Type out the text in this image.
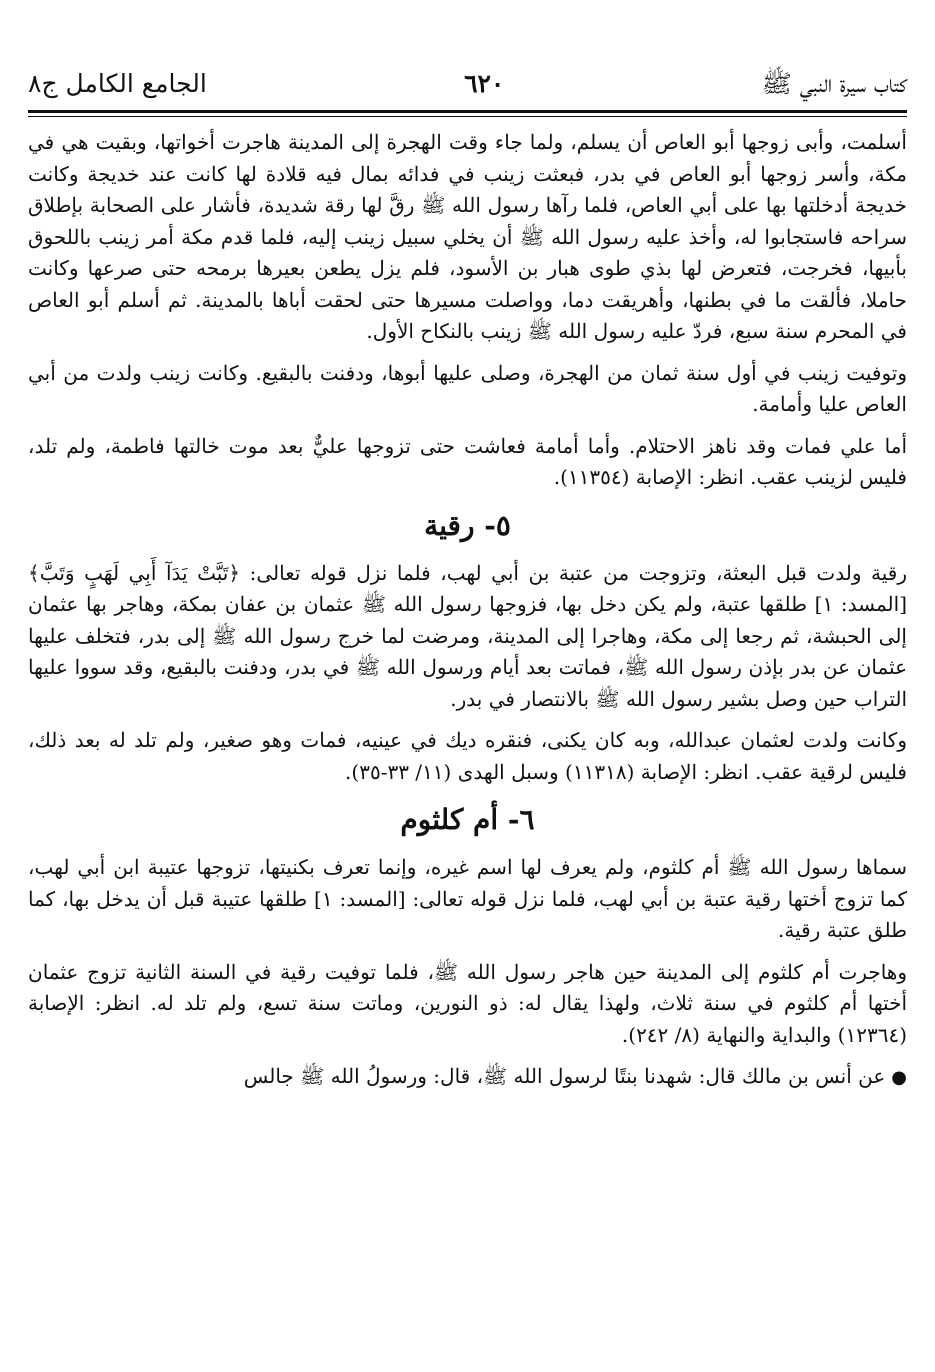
كتاب سيرة النبي ﷺ
٦٢٠
الجامع الكامل ج٨

أسلمت، وأبى زوجها أبو العاص أن يسلم، ولما جاء وقت الهجرة إلى المدينة هاجرت أخواتها، وبقيت هي في مكة، وأسر زوجها أبو العاص في بدر، فبعثت زينب في فدائه بمال فيه قلادة لها كانت عند خديجة وكانت خديجة أدخلتها بها على أبي العاص، فلما رآها رسول الله ﷺ رقَّ لها رقة شديدة، فأشار على الصحابة بإطلاق سراحه فاستجابوا له، وأخذ عليه رسول الله ﷺ أن يخلي سبيل زينب إليه، فلما قدم مكة أمر زينب باللحوق بأبيها، فخرجت، فتعرض لها بذي طوى هبار بن الأسود، فلم يزل يطعن بعيرها برمحه حتى صرعها وكانت حاملا، فألقت ما في بطنها، وأهريقت دما، وواصلت مسيرها حتى لحقت أباها بالمدينة. ثم أسلم أبو العاص في المحرم سنة سبع، فردّ عليه رسول الله ﷺ زينب بالنكاح الأول.

وتوفيت زينب في أول سنة ثمان من الهجرة، وصلى عليها أبوها، ودفنت بالبقيع. وكانت زينب ولدت من أبي العاص عليا وأمامة.

أما علي فمات وقد ناهز الاحتلام. وأما أمامة فعاشت حتى تزوجها عليٌّ بعد موت خالتها فاطمة، ولم تلد، فليس لزينب عقب. انظر: الإصابة (١١٣٥٤).

٥- رقية

رقية ولدت قبل البعثة، وتزوجت من عتبة بن أبي لهب، فلما نزل قوله تعالى: ﴿تَبَّتْ يَدَآ أَبِي لَهَبٍ وَتَبَّ﴾ [المسد: ١] طلقها عتبة، ولم يكن دخل بها، فزوجها رسول الله ﷺ عثمان بن عفان بمكة، وهاجر بها عثمان إلى الحبشة، ثم رجعا إلى مكة، وهاجرا إلى المدينة، ومرضت لما خرج رسول الله ﷺ إلى بدر، فتخلف عليها عثمان عن بدر بإذن رسول الله ﷺ، فماتت بعد أيام ورسول الله ﷺ في بدر، ودفنت بالبقيع، وقد سووا عليها التراب حين وصل بشير رسول الله ﷺ بالانتصار في بدر.

وكانت ولدت لعثمان عبدالله، وبه كان يكنى، فنقره ديك في عينيه، فمات وهو صغير، ولم تلد له بعد ذلك، فليس لرقية عقب. انظر: الإصابة (١١٣١٨) وسبل الهدى (١١/ ٣٣-٣٥).

٦- أم كلثوم

سماها رسول الله ﷺ أم كلثوم، ولم يعرف لها اسم غيره، وإنما تعرف بكنيتها، تزوجها عتيبة ابن أبي لهب، كما تزوج أختها رقية عتبة بن أبي لهب، فلما نزل قوله تعالى: [المسد: ١] طلقها عتيبة قبل أن يدخل بها، كما طلق عتبة رقية.

وهاجرت أم كلثوم إلى المدينة حين هاجر رسول الله ﷺ، فلما توفيت رقية في السنة الثانية تزوج عثمان أختها أم كلثوم في سنة ثلاث، ولهذا يقال له: ذو النورين، وماتت سنة تسع، ولم تلد له. انظر: الإصابة (١٢٣٦٤) والبداية والنهاية (٨/ ٢٤٢).

●عن أنس بن مالك قال: شهدنا بنتًا لرسول الله ﷺ، قال: ورسولُ الله ﷺ جالس
